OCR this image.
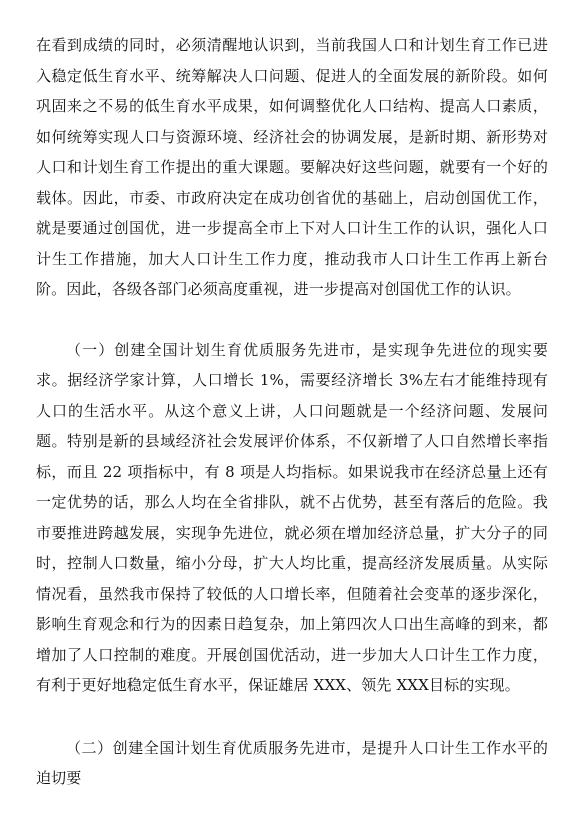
在看到成绩的同时，必须清醒地认识到，当前我国人口和计划生育工作已进入稳定低生育水平、统筹解决人口问题、促进人的全面发展的新阶段。如何巩固来之不易的低生育水平成果，如何调整优化人口结构、提高人口素质，如何统筹实现人口与资源环境、经济社会的协调发展，是新时期、新形势对人口和计划生育工作提出的重大课题。要解决好这些问题，就要有一个好的载体。因此，市委、市政府决定在成功创省优的基础上，启动创国优工作，就是要通过创国优，进一步提高全市上下对人口计生工作的认识，强化人口计生工作措施，加大人口计生工作力度，推动我市人口计生工作再上新台阶。因此，各级各部门必须高度重视，进一步提高对创国优工作的认识。

（一）创建全国计划生育优质服务先进市，是实现争先进位的现实要求。据经济学家计算，人口增长 1%，需要经济增长 3%左右才能维持现有人口的生活水平。从这个意义上讲，人口问题就是一个经济问题、发展问题。特别是新的县域经济社会发展评价体系，不仅新增了人口自然增长率指标，而且 22 项指标中，有 8 项是人均指标。如果说我市在经济总量上还有一定优势的话，那么人均在全省排队，就不占优势，甚至有落后的危险。我市要推进跨越发展，实现争先进位，就必须在增加经济总量，扩大分子的同时，控制人口数量，缩小分母，扩大人均比重，提高经济发展质量。从实际情况看，虽然我市保持了较低的人口增长率，但随着社会变革的逐步深化，影响生育观念和行为的因素日趋复杂，加上第四次人口出生高峰的到来，都增加了人口控制的难度。开展创国优活动，进一步加大人口计生工作力度，有利于更好地稳定低生育水平，保证雄居 XXX、领先 XXX目标的实现。

（二）创建全国计划生育优质服务先进市，是提升人口计生工作水平的迫切要
